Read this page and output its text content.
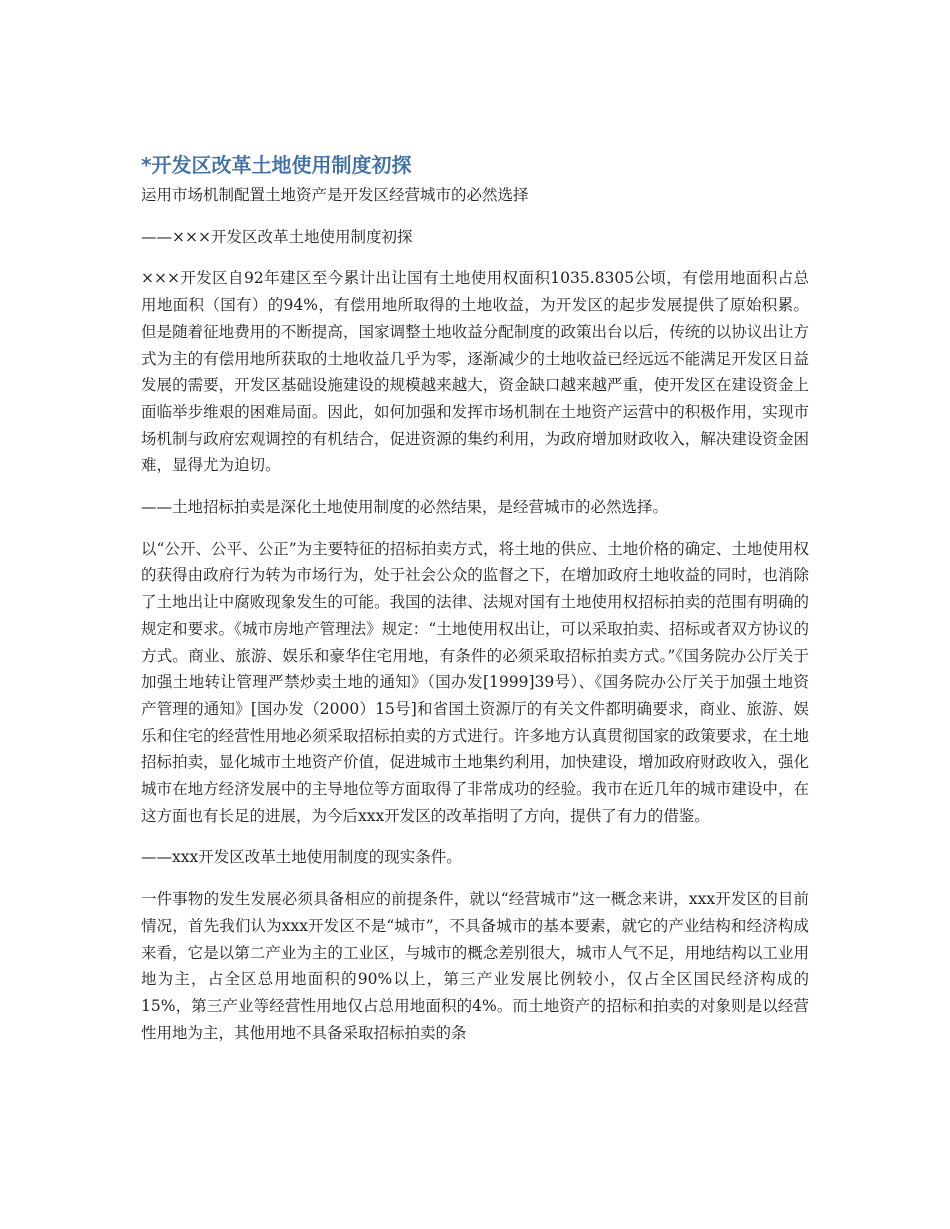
*开发区改革土地使用制度初探
运用市场机制配置土地资产是开发区经营城市的必然选择
——×××开发区改革土地使用制度初探
×××开发区自92年建区至今累计出让国有土地使用权面积1035.8305公顷，有偿用地面积占总用地面积（国有）的94%，有偿用地所取得的土地收益，为开发区的起步发展提供了原始积累。但是随着征地费用的不断提高，国家调整土地收益分配制度的政策出台以后，传统的以协议出让方式为主的有偿用地所获取的土地收益几乎为零，逐渐减少的土地收益已经远远不能满足开发区日益发展的需要，开发区基础设施建设的规模越来越大，资金缺口越来越严重，使开发区在建设资金上面临举步维艰的困难局面。因此，如何加强和发挥市场机制在土地资产运营中的积极作用，实现市场机制与政府宏观调控的有机结合，促进资源的集约利用，为政府增加财政收入，解决建设资金困难，显得尤为迫切。
——土地招标拍卖是深化土地使用制度的必然结果，是经营城市的必然选择。
以“公开、公平、公正”为主要特征的招标拍卖方式，将土地的供应、土地价格的确定、土地使用权的获得由政府行为转为市场行为，处于社会公众的监督之下，在增加政府土地收益的同时，也消除了土地出让中腐败现象发生的可能。我国的法律、法规对国有土地使用权招标拍卖的范围有明确的规定和要求。《城市房地产管理法》规定：“土地使用权出让，可以采取拍卖、招标或者双方协议的方式。商业、旅游、娱乐和豪华住宅用地，有条件的必须采取招标拍卖方式。”《国务院办公厅关于加强土地转让管理严禁炒卖土地的通知》（国办发[1999]39号）、《国务院办公厅关于加强土地资产管理的通知》[国办发（2000）15号]和省国土资源厅的有关文件都明确要求，商业、旅游、娱乐和住宅的经营性用地必须采取招标拍卖的方式进行。许多地方认真贯彻国家的政策要求，在土地招标拍卖，显化城市土地资产价值，促进城市土地集约利用，加快建设，增加政府财政收入，强化城市在地方经济发展中的主导地位等方面取得了非常成功的经验。我市在近几年的城市建设中，在这方面也有长足的进展，为今后xxx开发区的改革指明了方向，提供了有力的借鉴。
——xxx开发区改革土地使用制度的现实条件。
一件事物的发生发展必须具备相应的前提条件，就以“经营城市”这一概念来讲，xxx开发区的目前情况，首先我们认为xxx开发区不是“城市”，不具备城市的基本要素，就它的产业结构和经济构成来看，它是以第二产业为主的工业区，与城市的概念差别很大，城市人气不足，用地结构以工业用地为主，占全区总用地面积的90%以上，第三产业发展比例较小，仅占全区国民经济构成的15%，第三产业等经营性用地仅占总用地面积的4%。而土地资产的招标和拍卖的对象则是以经营性用地为主，其他用地不具备采取招标拍卖的条
